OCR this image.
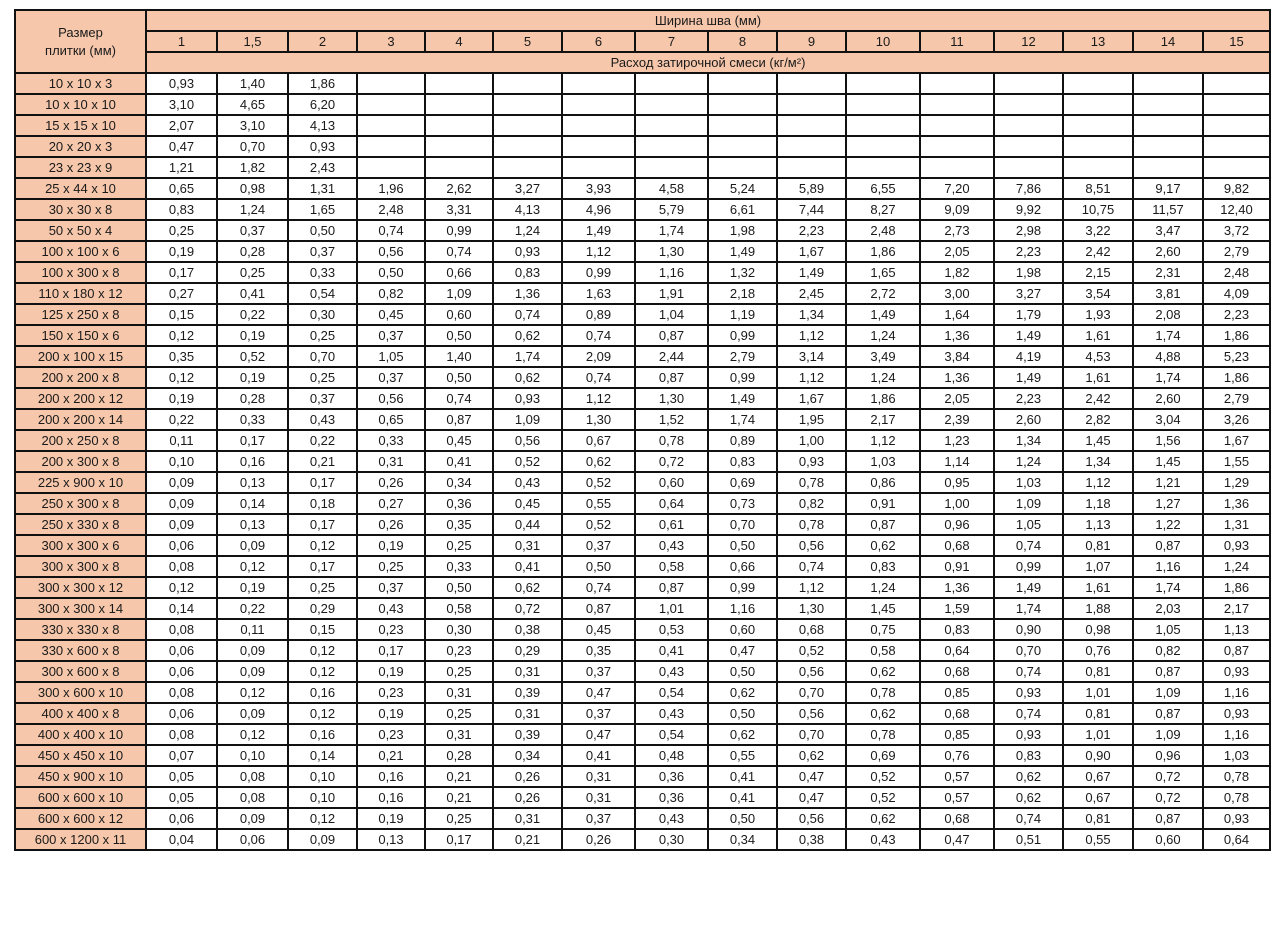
Размер
плитки (мм)	Ширина шва (мм)															
	1	1,5	2	3	4	5	6	7	8	9	10	11	12	13	14	15
	Расход затирочной смеси (кг/м²)															
10 x 10 x 3	0,93	1,40	1,86													
10 x 10 x 10	3,10	4,65	6,20													
15 x 15 x 10	2,07	3,10	4,13													
20 x 20 x 3	0,47	0,70	0,93													
23 x 23 x 9	1,21	1,82	2,43													
25 x 44 x 10	0,65	0,98	1,31	1,96	2,62	3,27	3,93	4,58	5,24	5,89	6,55	7,20	7,86	8,51	9,17	9,82
30 x 30 x 8	0,83	1,24	1,65	2,48	3,31	4,13	4,96	5,79	6,61	7,44	8,27	9,09	9,92	10,75	11,57	12,40
50 x 50 x 4	0,25	0,37	0,50	0,74	0,99	1,24	1,49	1,74	1,98	2,23	2,48	2,73	2,98	3,22	3,47	3,72
100 x 100 x 6	0,19	0,28	0,37	0,56	0,74	0,93	1,12	1,30	1,49	1,67	1,86	2,05	2,23	2,42	2,60	2,79
100 x 300 x 8	0,17	0,25	0,33	0,50	0,66	0,83	0,99	1,16	1,32	1,49	1,65	1,82	1,98	2,15	2,31	2,48
110 x 180 x 12	0,27	0,41	0,54	0,82	1,09	1,36	1,63	1,91	2,18	2,45	2,72	3,00	3,27	3,54	3,81	4,09
125 x 250 x 8	0,15	0,22	0,30	0,45	0,60	0,74	0,89	1,04	1,19	1,34	1,49	1,64	1,79	1,93	2,08	2,23
150 x 150 x 6	0,12	0,19	0,25	0,37	0,50	0,62	0,74	0,87	0,99	1,12	1,24	1,36	1,49	1,61	1,74	1,86
200 x 100 x 15	0,35	0,52	0,70	1,05	1,40	1,74	2,09	2,44	2,79	3,14	3,49	3,84	4,19	4,53	4,88	5,23
200 x 200 x 8	0,12	0,19	0,25	0,37	0,50	0,62	0,74	0,87	0,99	1,12	1,24	1,36	1,49	1,61	1,74	1,86
200 x 200 x 12	0,19	0,28	0,37	0,56	0,74	0,93	1,12	1,30	1,49	1,67	1,86	2,05	2,23	2,42	2,60	2,79
200 x 200 x 14	0,22	0,33	0,43	0,65	0,87	1,09	1,30	1,52	1,74	1,95	2,17	2,39	2,60	2,82	3,04	3,26
200 x 250 x 8	0,11	0,17	0,22	0,33	0,45	0,56	0,67	0,78	0,89	1,00	1,12	1,23	1,34	1,45	1,56	1,67
200 x 300 x 8	0,10	0,16	0,21	0,31	0,41	0,52	0,62	0,72	0,83	0,93	1,03	1,14	1,24	1,34	1,45	1,55
225 x 900 x 10	0,09	0,13	0,17	0,26	0,34	0,43	0,52	0,60	0,69	0,78	0,86	0,95	1,03	1,12	1,21	1,29
250 x 300 x 8	0,09	0,14	0,18	0,27	0,36	0,45	0,55	0,64	0,73	0,82	0,91	1,00	1,09	1,18	1,27	1,36
250 x 330 x 8	0,09	0,13	0,17	0,26	0,35	0,44	0,52	0,61	0,70	0,78	0,87	0,96	1,05	1,13	1,22	1,31
300 x 300 x 6	0,06	0,09	0,12	0,19	0,25	0,31	0,37	0,43	0,50	0,56	0,62	0,68	0,74	0,81	0,87	0,93
300 x 300 x 8	0,08	0,12	0,17	0,25	0,33	0,41	0,50	0,58	0,66	0,74	0,83	0,91	0,99	1,07	1,16	1,24
300 x 300 x 12	0,12	0,19	0,25	0,37	0,50	0,62	0,74	0,87	0,99	1,12	1,24	1,36	1,49	1,61	1,74	1,86
300 x 300 x 14	0,14	0,22	0,29	0,43	0,58	0,72	0,87	1,01	1,16	1,30	1,45	1,59	1,74	1,88	2,03	2,17
330 x 330 x 8	0,08	0,11	0,15	0,23	0,30	0,38	0,45	0,53	0,60	0,68	0,75	0,83	0,90	0,98	1,05	1,13
330 x 600 x 8	0,06	0,09	0,12	0,17	0,23	0,29	0,35	0,41	0,47	0,52	0,58	0,64	0,70	0,76	0,82	0,87
300 x 600 x 8	0,06	0,09	0,12	0,19	0,25	0,31	0,37	0,43	0,50	0,56	0,62	0,68	0,74	0,81	0,87	0,93
300 x 600 x 10	0,08	0,12	0,16	0,23	0,31	0,39	0,47	0,54	0,62	0,70	0,78	0,85	0,93	1,01	1,09	1,16
400 x 400 x 8	0,06	0,09	0,12	0,19	0,25	0,31	0,37	0,43	0,50	0,56	0,62	0,68	0,74	0,81	0,87	0,93
400 x 400 x 10	0,08	0,12	0,16	0,23	0,31	0,39	0,47	0,54	0,62	0,70	0,78	0,85	0,93	1,01	1,09	1,16
450 x 450 x 10	0,07	0,10	0,14	0,21	0,28	0,34	0,41	0,48	0,55	0,62	0,69	0,76	0,83	0,90	0,96	1,03
450 x 900 x 10	0,05	0,08	0,10	0,16	0,21	0,26	0,31	0,36	0,41	0,47	0,52	0,57	0,62	0,67	0,72	0,78
600 x 600 x 10	0,05	0,08	0,10	0,16	0,21	0,26	0,31	0,36	0,41	0,47	0,52	0,57	0,62	0,67	0,72	0,78
600 x 600 x 12	0,06	0,09	0,12	0,19	0,25	0,31	0,37	0,43	0,50	0,56	0,62	0,68	0,74	0,81	0,87	0,93
600 x 1200 x 11	0,04	0,06	0,09	0,13	0,17	0,21	0,26	0,30	0,34	0,38	0,43	0,47	0,51	0,55	0,60	0,64
